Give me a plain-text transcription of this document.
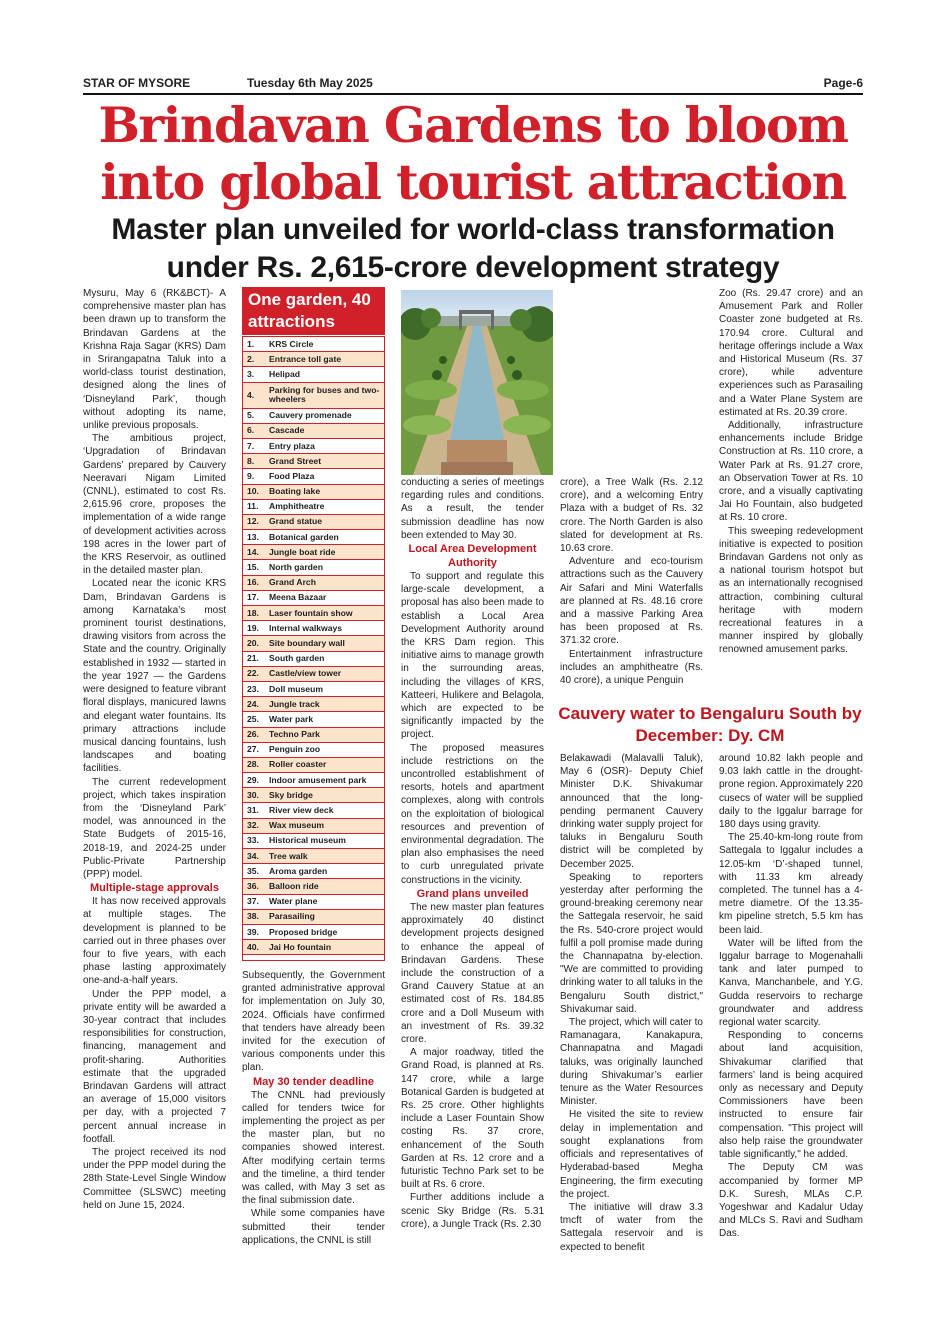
STAR OF MYSORE	Tuesday 6th May 2025	Page-6
Brindavan Gardens to bloom into global tourist attraction
Master plan unveiled for world-class transformation under Rs. 2,615-crore development strategy

Mysuru, May 6 (RK&BCT)- A comprehensive master plan has been drawn up to transform the Brindavan Gardens at the Krishna Raja Sagar (KRS) Dam in Srirangapatna Taluk into a world-class tourist destination, designed along the lines of ‘Disneyland Park’, though without adopting its name, unlike previous proposals.

The ambitious project, ‘Upgradation of Brindavan Gardens’ prepared by Cauvery Neeravari Nigam Limited (CNNL), estimated to cost Rs. 2,615.96 crore, proposes the implementation of a wide range of development activities across 198 acres in the lower part of the KRS Reservoir, as outlined in the detailed master plan.

Located near the iconic KRS Dam, Brindavan Gardens is among Karnataka’s most prominent tourist destinations, drawing visitors from across the State and the country. Originally established in 1932 — started in the year 1927 — the Gardens were designed to feature vibrant floral displays, manicured lawns and elegant water fountains. Its primary attractions include musical dancing fountains, lush landscapes and boating facilities.

The current redevelopment project, which takes inspiration from the ‘Disneyland Park’ model, was announced in the State Budgets of 2015-16, 2018-19, and 2024-25 under Public-Private Partnership (PPP) model.

Multiple-stage approvals

It has now received approvals at multiple stages. The development is planned to be carried out in three phases over four to five years, with each phase lasting approximately one-and-a-half years.

Under the PPP model, a private entity will be awarded a 30-year contract that includes responsibilities for construction, financing, management and profit-sharing. Authorities estimate that the upgraded Brindavan Gardens will attract an average of 15,000 visitors per day, with a projected 7 percent annual increase in footfall.

The project received its nod under the PPP model during the 28th State-Level Single Window Committee (SLSWC) meeting held on June 15, 2024.

One garden, 40 attractions
1.	KRS Circle
2.	Entrance toll gate
3.	Helipad
4.	Parking for buses and two-wheelers
5.	Cauvery promenade
6.	Cascade
7.	Entry plaza
8.	Grand Street
9.	Food Plaza
10.	Boating lake
11.	Amphitheatre
12.	Grand statue
13.	Botanical garden
14.	Jungle boat ride
15.	North garden
16.	Grand Arch
17.	Meena Bazaar
18.	Laser fountain show
19.	Internal walkways
20.	Site boundary wall
21.	South garden
22.	Castle/view tower
23.	Doll museum
24.	Jungle track
25.	Water park
26.	Techno Park
27.	Penguin zoo
28.	Roller coaster
29.	Indoor amusement park
30.	Sky bridge
31.	River view deck
32.	Wax museum
33.	Historical museum
34.	Tree walk
35.	Aroma garden
36.	Balloon ride
37.	Water plane
38.	Parasailing
39.	Proposed bridge
40.	Jai Ho fountain

Subsequently, the Government granted administrative approval for implementation on July 30, 2024. Officials have confirmed that tenders have already been invited for the execution of various components under this plan.

May 30 tender deadline

The CNNL had previously called for tenders twice for implementing the project as per the master plan, but no companies showed interest. After modifying certain terms and the timeline, a third tender was called, with May 3 set as the final submission date.

While some companies have submitted their tender applications, the CNNL is still

conducting a series of meetings regarding rules and conditions. As a result, the tender submission deadline has now been extended to May 30.

Local Area Development Authority

To support and regulate this large-scale development, a proposal has also been made to establish a Local Area Development Authority around the KRS Dam region. This initiative aims to manage growth in the surrounding areas, including the villages of KRS, Katteeri, Hulikere and Belagola, which are expected to be significantly impacted by the project.

The proposed measures include restrictions on the uncontrolled establishment of resorts, hotels and apartment complexes, along with controls on the exploitation of biological resources and prevention of environmental degradation. The plan also emphasises the need to curb unregulated private constructions in the vicinity.

Grand plans unveiled

The new master plan features approximately 40 distinct development projects designed to enhance the appeal of Brindavan Gardens. These include the construction of a Grand Cauvery Statue at an estimated cost of Rs. 184.85 crore and a Doll Museum with an investment of Rs. 39.32 crore.

A major roadway, titled the Grand Road, is planned at Rs. 147 crore, while a large Botanical Garden is budgeted at Rs. 25 crore. Other highlights include a Laser Fountain Show costing Rs. 37 crore, enhancement of the South Garden at Rs. 12 crore and a futuristic Techno Park set to be built at Rs. 6 crore.

Further additions include a scenic Sky Bridge (Rs. 5.31 crore), a Jungle Track (Rs. 2.30

crore), a Tree Walk (Rs. 2.12 crore), and a welcoming Entry Plaza with a budget of Rs. 32 crore. The North Garden is also slated for development at Rs. 10.63 crore.

Adventure and eco-tourism attractions such as the Cauvery Air Safari and Mini Waterfalls are planned at Rs. 48.16 crore and a massive Parking Area has been proposed at Rs. 371.32 crore.

Entertainment infrastructure includes an amphitheatre (Rs. 40 crore), a unique Penguin

Zoo (Rs. 29.47 crore) and an Amusement Park and Roller Coaster zone budgeted at Rs. 170.94 crore. Cultural and heritage offerings include a Wax and Historical Museum (Rs. 37 crore), while adventure experiences such as Parasailing and a Water Plane System are estimated at Rs. 20.39 crore.

Additionally, infrastructure enhancements include Bridge Construction at Rs. 110 crore, a Water Park at Rs. 91.27 crore, an Observation Tower at Rs. 10 crore, and a visually captivating Jai Ho Fountain, also budgeted at Rs. 10 crore.

This sweeping redevelopment initiative is expected to position Brindavan Gardens not only as a national tourism hotspot but as an internationally recognised attraction, combining cultural heritage with modern recreational features in a manner inspired by globally renowned amusement parks.

Cauvery water to Bengaluru South by December: Dy. CM

Belakawadi (Malavalli Taluk), May 6 (OSR)- Deputy Chief Minister D.K. Shivakumar announced that the long-pending permanent Cauvery drinking water supply project for taluks in Bengaluru South district will be completed by December 2025.

Speaking to reporters yesterday after performing the ground-breaking ceremony near the Sattegala reservoir, he said the Rs. 540-crore project would fulfil a poll promise made during the Channapatna by-election. "We are committed to providing drinking water to all taluks in the Bengaluru South district," Shivakumar said.

The project, which will cater to Ramanagara, Kanakapura, Channapatna and Magadi taluks, was originally launched during Shivakumar’s earlier tenure as the Water Resources Minister.

He visited the site to review delay in implementation and sought explanations from officials and representatives of Hyderabad-based Megha Engineering, the firm executing the project.

The initiative will draw 3.3 tmcft of water from the Sattegala reservoir and is expected to benefit

around 10.82 lakh people and 9.03 lakh cattle in the drought-prone region. Approximately 220 cusecs of water will be supplied daily to the Iggalur barrage for 180 days using gravity.

The 25.40-km-long route from Sattegala to Iggalur includes a 12.05-km ‘D’-shaped tunnel, with 11.33 km already completed. The tunnel has a 4-metre diametre. Of the 13.35-km pipeline stretch, 5.5 km has been laid.

Water will be lifted from the Iggalur barrage to Mogenahalli tank and later pumped to Kanva, Manchanbele, and Y.G. Gudda reservoirs to recharge groundwater and address regional water scarcity.

Responding to concerns about land acquisition, Shivakumar clarified that farmers’ land is being acquired only as necessary and Deputy Commissioners have been instructed to ensure fair compensation. "This project will also help raise the groundwater table significantly," he added.

The Deputy CM was accompanied by former MP D.K. Suresh, MLAs C.P. Yogeshwar and Kadalur Uday and MLCs S. Ravi and Sudham Das.
